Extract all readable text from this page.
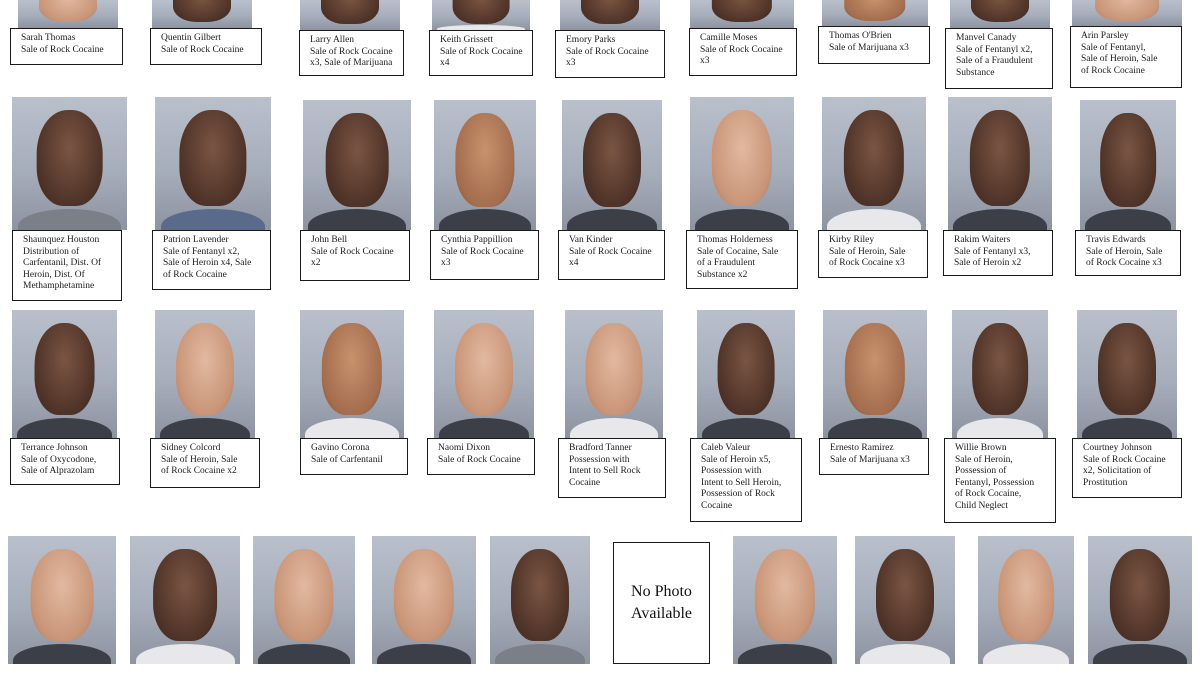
Sarah Thomas
Sale of Rock Cocaine
Quentin Gilbert
Sale of Rock Cocaine
Larry Allen
Sale of Rock Cocaine
x3, Sale of Marijuana
Keith Grissett
Sale of Rock Cocaine
x4
Emory Parks
Sale of Rock Cocaine
x3
Camille Moses
Sale of Rock Cocaine
x3
Thomas O'Brien
Sale of Marijuana x3
Manvel Canady
Sale of Fentanyl x2,
Sale of a Fraudulent
Substance
Arin Parsley
Sale of Fentanyl,
Sale of Heroin, Sale
of Rock Cocaine
Shaunquez Houston
Distribution of
Carfentanil, Dist. Of
Heroin, Dist. Of
Methamphetamine
Patrion Lavender
Sale of Fentanyl x2,
Sale of Heroin x4, Sale
of Rock Cocaine
John Bell
Sale of Rock Cocaine
x2
Cynthia Pappillion
Sale of Rock Cocaine
x3
Van Kinder
Sale of Rock Cocaine
x4
Thomas Holderness
Sale of Cocaine, Sale
of a Fraudulent
Substance x2
Kirby Riley
Sale of Heroin, Sale
of Rock Cocaine x3
Rakim Waiters
Sale of Fentanyl x3,
Sale of Heroin x2
Travis Edwards
Sale of Heroin, Sale
of Rock Cocaine x3
Terrance Johnson
Sale of Oxycodone,
Sale of Alprazolam
Sidney Colcord
Sale of Heroin, Sale
of Rock Cocaine x2
Gavino Corona
Sale of Carfentanil
Naomi Dixon
Sale of Rock Cocaine
Bradford Tanner
Possession with
Intent to Sell Rock
Cocaine
Caleb Valeur
Sale of Heroin x5,
Possession with
Intent to Sell Heroin,
Possession of Rock
Cocaine
Ernesto Ramirez
Sale of Marijuana x3
Willie Brown
Sale of Heroin,
Possession of
Fentanyl, Possession
of Rock Cocaine,
Child Neglect
Courtney Johnson
Sale of Rock Cocaine
x2, Solicitation of
Prostitution
No Photo
Available
